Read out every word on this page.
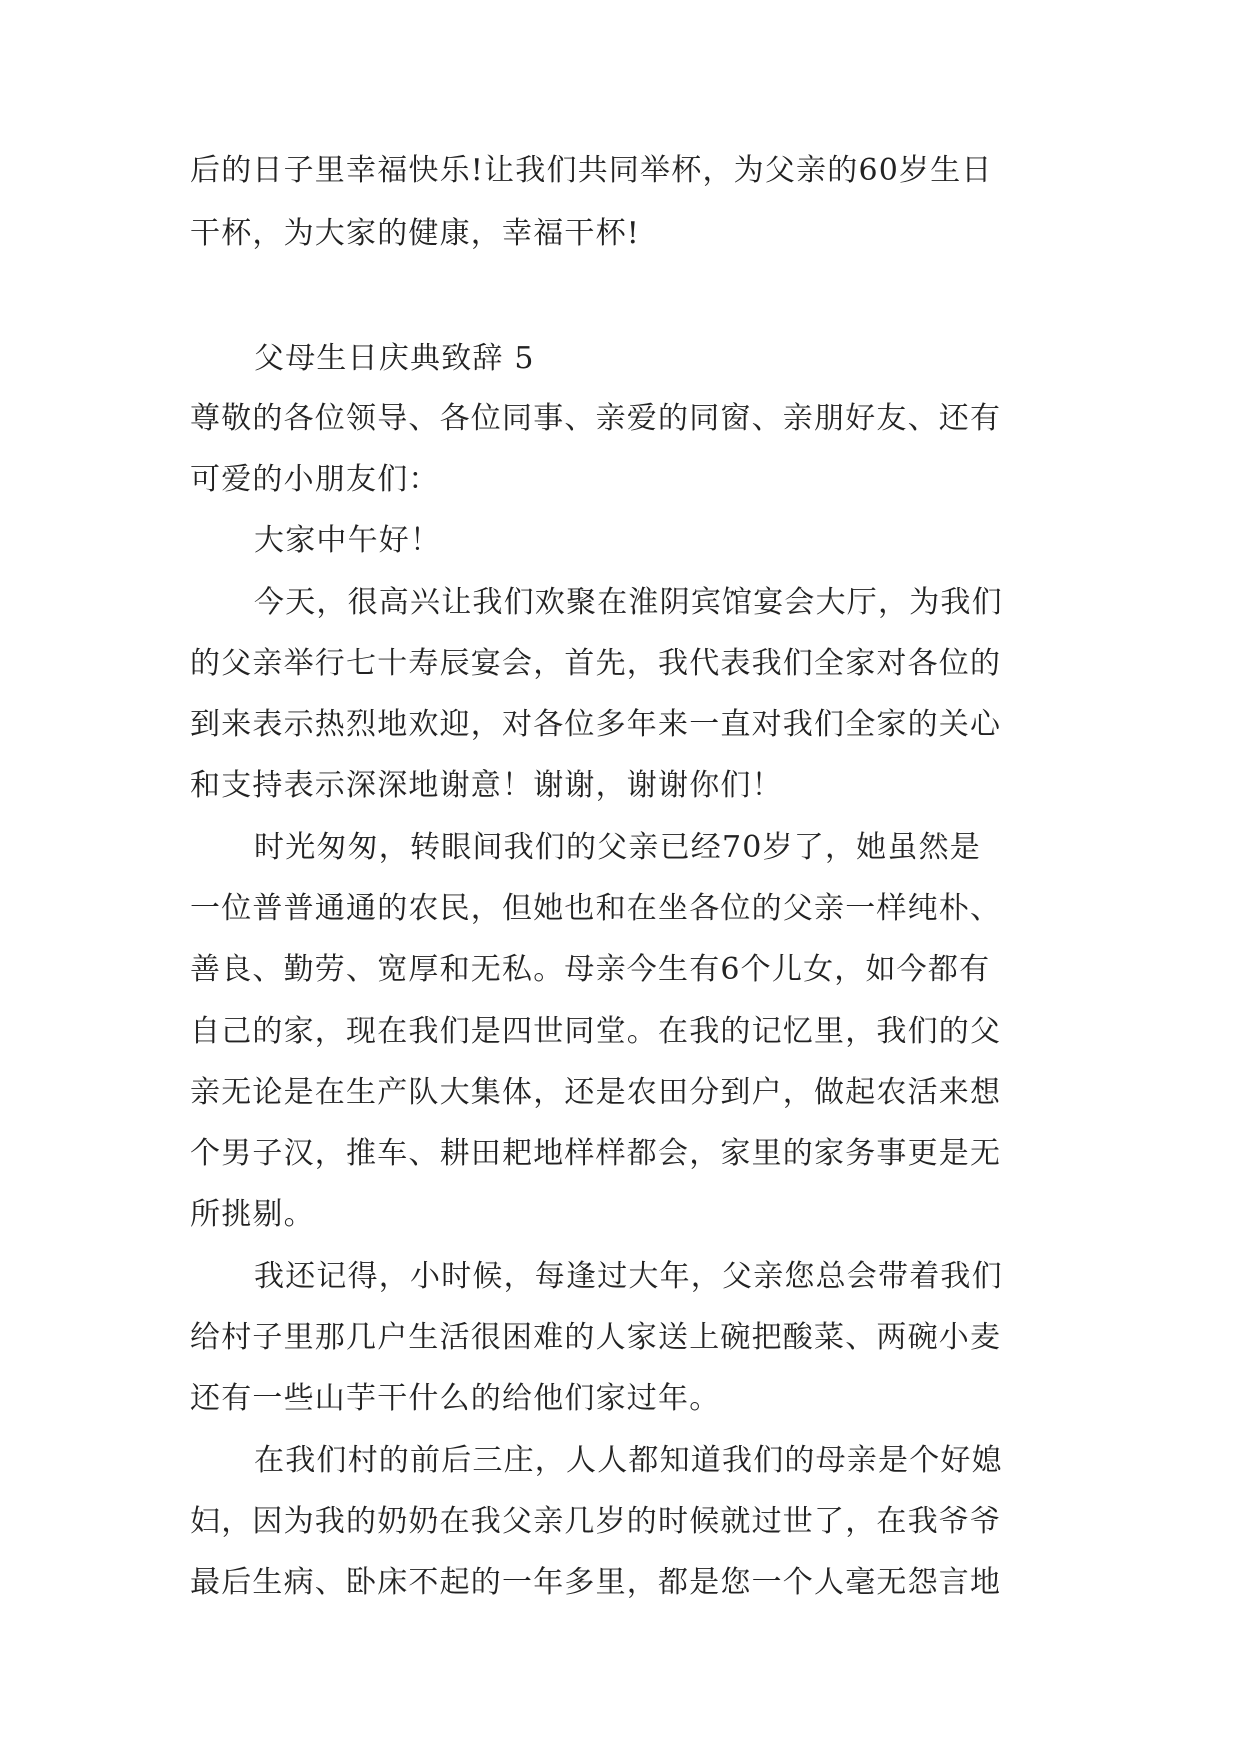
后的日子里幸福快乐!让我们共同举杯，为父亲的60岁生日
干杯，为大家的健康，幸福干杯!
父母生日庆典致辞 5
尊敬的各位领导、各位同事、亲爱的同窗、亲朋好友、还有
可爱的小朋友们：
大家中午好！
今天，很高兴让我们欢聚在淮阴宾馆宴会大厅，为我们
的父亲举行七十寿辰宴会，首先，我代表我们全家对各位的
到来表示热烈地欢迎，对各位多年来一直对我们全家的关心
和支持表示深深地谢意！谢谢，谢谢你们！
时光匆匆，转眼间我们的父亲已经70岁了，她虽然是
一位普普通通的农民，但她也和在坐各位的父亲一样纯朴、
善良、勤劳、宽厚和无私。母亲今生有6个儿女，如今都有
自己的家，现在我们是四世同堂。在我的记忆里，我们的父
亲无论是在生产队大集体，还是农田分到户，做起农活来想
个男子汉，推车、耕田耙地样样都会，家里的家务事更是无
所挑剔。
我还记得，小时候，每逢过大年，父亲您总会带着我们
给村子里那几户生活很困难的人家送上碗把酸菜、两碗小麦
还有一些山芋干什么的给他们家过年。
在我们村的前后三庄，人人都知道我们的母亲是个好媳
妇，因为我的奶奶在我父亲几岁的时候就过世了，在我爷爷
最后生病、卧床不起的一年多里，都是您一个人毫无怨言地
